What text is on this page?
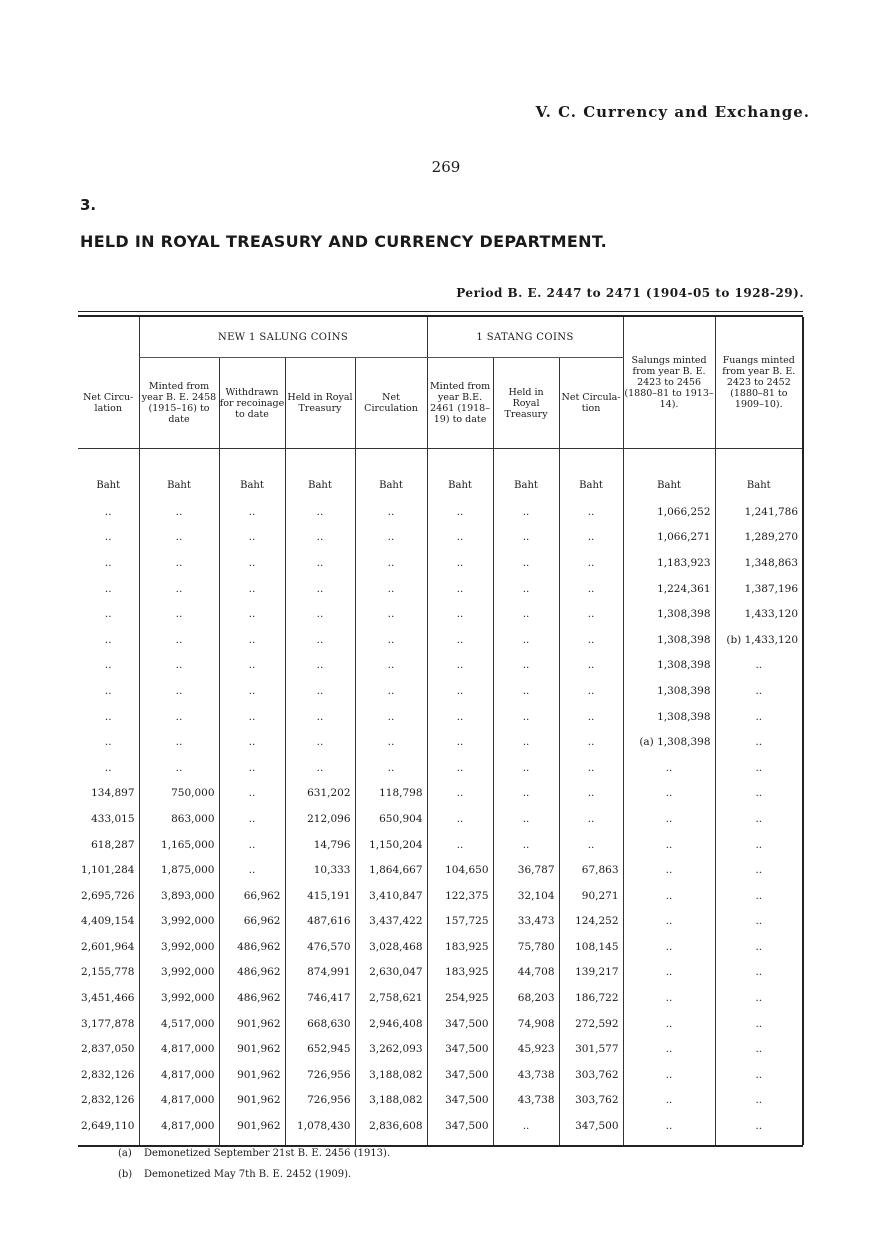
V. C. Currency and Exchange.
269
3.
HELD IN ROYAL TREASURY AND CURRENCY DEPARTMENT.
Period B. E. 2447 to 2471 (1904-05 to 1928-29).
	NEW 1 SALUNG COINS				1 SATANG COINS			Salungs minted from year B. E. 2423 to 2456 (1880–81 to 1913–14).	Fuangs minted from year B. E. 2423 to 2452 (1880–81 to 1909–10).
Net Circu- lation	Minted from year B. E. 2458 (1915–16) to date	Withdrawn for recoinage to date	Held in Royal Treasury	Net Circulation	Minted from year B.E. 2461 (1918–19) to date	Held in Royal Treasury	Net Circula- tion		

Baht	Baht	Baht	Baht	Baht	Baht	Baht	Baht	Baht	Baht
..	..	..	..	..	..	..	..	1,066,252	1,241,786
..	..	..	..	..	..	..	..	1,066,271	1,289,270
..	..	..	..	..	..	..	..	1,183,923	1,348,863
..	..	..	..	..	..	..	..	1,224,361	1,387,196
..	..	..	..	..	..	..	..	1,308,398	1,433,120
..	..	..	..	..	..	..	..	1,308,398	(b) 1,433,120
..	..	..	..	..	..	..	..	1,308,398	..
..	..	..	..	..	..	..	..	1,308,398	..
..	..	..	..	..	..	..	..	1,308,398	..
..	..	..	..	..	..	..	..	(a) 1,308,398	..
..	..	..	..	..	..	..	..	..	..
134,897	750,000	..	631,202	118,798	..	..	..	..	..
433,015	863,000	..	212,096	650,904	..	..	..	..	..
618,287	1,165,000	..	14,796	1,150,204	..	..	..	..	..
1,101,284	1,875,000	..	10,333	1,864,667	104,650	36,787	67,863	..	..
2,695,726	3,893,000	66,962	415,191	3,410,847	122,375	32,104	90,271	..	..
4,409,154	3,992,000	66,962	487,616	3,437,422	157,725	33,473	124,252	..	..
2,601,964	3,992,000	486,962	476,570	3,028,468	183,925	75,780	108,145	..	..
2,155,778	3,992,000	486,962	874,991	2,630,047	183,925	44,708	139,217	..	..
3,451,466	3,992,000	486,962	746,417	2,758,621	254,925	68,203	186,722	..	..
3,177,878	4,517,000	901,962	668,630	2,946,408	347,500	74,908	272,592	..	..
2,837,050	4,817,000	901,962	652,945	3,262,093	347,500	45,923	301,577	..	..
2,832,126	4,817,000	901,962	726,956	3,188,082	347,500	43,738	303,762	..	..
2,832,126	4,817,000	901,962	726,956	3,188,082	347,500	43,738	303,762	..	..
2,649,110	4,817,000	901,962	1,078,430	2,836,608	347,500	..	347,500	..	..

(a) Demonetized September 21st B. E. 2456 (1913).
(b) Demonetized May 7th B. E. 2452 (1909).
